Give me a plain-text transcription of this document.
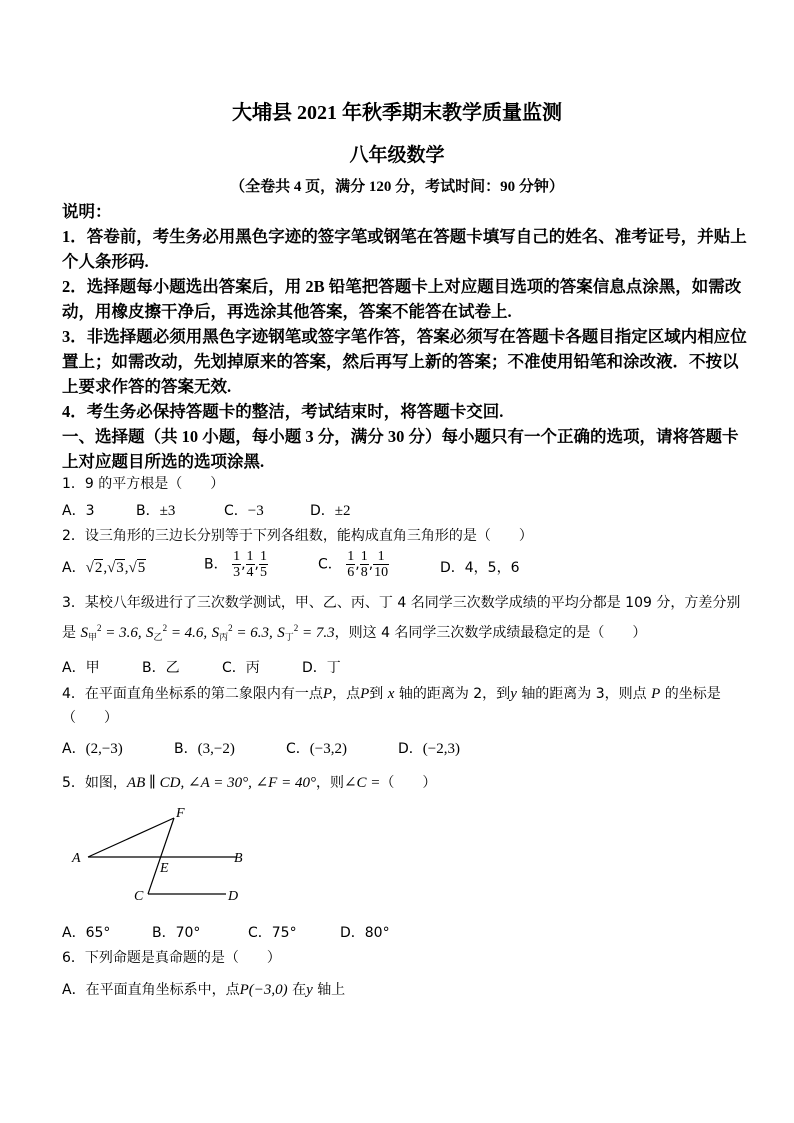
大埔县 2021 年秋季期末教学质量监测
八年级数学

（全卷共 4 页，满分 120 分，考试时间：90 分钟）

说明：

1．答卷前，考生务必用黑色字迹的签字笔或钢笔在答题卡填写自己的姓名、准考证号，并贴上

个人条形码.

2．选择题每小题选出答案后，用 2B 铅笔把答题卡上对应题目选项的答案信息点涂黑，如需改

动，用橡皮擦干净后，再选涂其他答案，答案不能答在试卷上.

3．非选择题必须用黑色字迹钢笔或签字笔作答，答案必须写在答题卡各题目指定区域内相应位

置上；如需改动，先划掉原来的答案，然后再写上新的答案；不准使用铅笔和涂改液．不按以

上要求作答的答案无效.

4．考生务必保持答题卡的整洁，考试结束时，将答题卡交回.

一、选择题（共 10 小题，每小题 3 分，满分 30 分）每小题只有一个正确的选项，请将答题卡

上对应题目所选的选项涂黑.

1．9 的平方根是（　　）

A．3	B．±3	C．−3	D．±2

2．设三角形的三边长分别等于下列各组数，能构成直角三角形的是（　　）

A．√2,√3,√5	B． $\frac{1}{3}$ , $\frac{1}{4}$ , $\frac{1}{5}$	C． $\frac{1}{6}$ , $\frac{1}{8}$ , $\frac{1}{10}$	D．4，5，6

3．某校八年级进行了三次数学测试，甲、乙、丙、丁 4 名同学三次数学成绩的平均分都是 109 分，方差分别

是 $S_甲^2 = 3.6$, $S_乙^2 = 4.6$, $S_丙^2 = 6.3$, $S_丁^2 = 7.3$，则这 4 名同学三次数学成绩最稳定的是（　　）

A．甲	B．乙	C．丙	D．丁

4．在平面直角坐标系的第二象限内有一点P，点P到 x 轴的距离为 2，到y 轴的距离为 3，则点 P 的坐标是

（　　）

A．(2,−3)	B．(3,−2)	C．(−3,2)	D．(−2,3)

5．如图，AB ∥ CD, ∠A = 30°, ∠F = 40°，则∠C =（　　）

F
A
E
B
C	D
A．65°	B．70°	C．75°	D．80°

6．下列命题是真命题的是（　　）

A．在平面直角坐标系中，点P(−3,0) 在y 轴上
